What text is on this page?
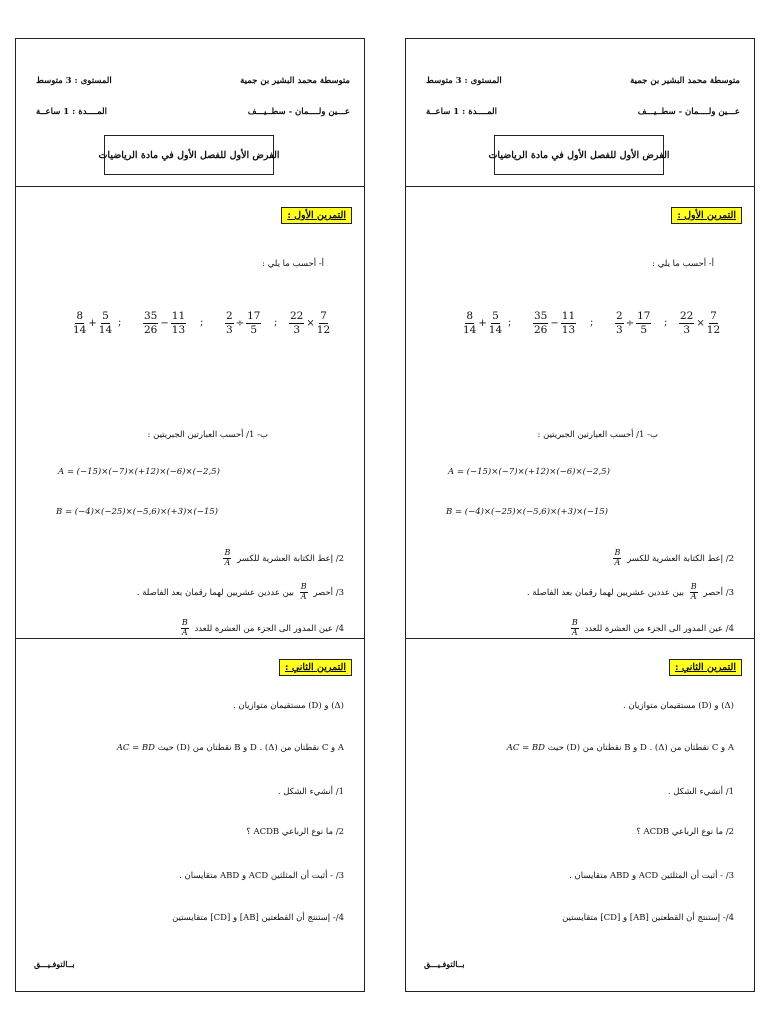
متوسطة محمد البشير بن جمية
المستوى : 3 متوسط
عـــين ولــــمان - سطــيـــف
المــــدة : 1 ساعــة
الفرض الأول للفصل الأول في مادة الرياضيات
التمرين الأول :
أ- أحسب ما يلي :
$\frac{8}{14} + \frac{5}{14}$ ; $\frac{35}{26} - \frac{11}{13}$ ; $\frac{2}{3} \div \frac{17}{5}$ ; $\frac{22}{3} \times \frac{7}{12}$
ب- 1/ أحسب العبارتين الجبريتين :
A = (−15)×(−7)×(+12)×(−6)×(−2,5)
B = (−4)×(−25)×(−5,6)×(+3)×(−15)
2/ إعط الكتابة العشرية للكسر
$\frac{B}{A}$
3/ أحصر
$\frac{B}{A}$
بين عددين عشريين لهما رقمان بعد الفاصلة .
4/ عين المدور الى الجزء من العشرة للعدد
$\frac{B}{A}$
التمرين الثاني :
(Δ) و (D) مستقيمان متوازيان .
A و C نقطتان من (Δ) . D و B نقطتان من (D) حيث AC = BD
1/ أنشيء الشكل .
2/ ما نوع الرباعي ACDB ؟
3/ - أثبت أن المثلثين ACD و ABD متقايسان .
4/- إستنتج أن القطعتين [AB] و [CD] متقايستين
بــالتوفـيـــق
متوسطة محمد البشير بن جمية
المستوى : 3 متوسط
عـــين ولــــمان - سطــيـــف
المــــدة : 1 ساعــة
الفرض الأول للفصل الأول في مادة الرياضيات
التمرين الأول :
أ- أحسب ما يلي :
$\frac{8}{14} + \frac{5}{14}$ ; $\frac{35}{26} - \frac{11}{13}$ ; $\frac{2}{3} \div \frac{17}{5}$ ; $\frac{22}{3} \times \frac{7}{12}$
ب- 1/ أحسب العبارتين الجبريتين :
A = (−15)×(−7)×(+12)×(−6)×(−2,5)
B = (−4)×(−25)×(−5,6)×(+3)×(−15)
2/ إعط الكتابة العشرية للكسر
$\frac{B}{A}$
3/ أحصر
$\frac{B}{A}$
بين عددين عشريين لهما رقمان بعد الفاصلة .
4/ عين المدور الى الجزء من العشرة للعدد
$\frac{B}{A}$
التمرين الثاني :
(Δ) و (D) مستقيمان متوازيان .
A و C نقطتان من (Δ) . D و B نقطتان من (D) حيث AC = BD
1/ أنشيء الشكل .
2/ ما نوع الرباعي ACDB ؟
3/ - أثبت أن المثلثين ACD و ABD متقايسان .
4/- إستنتج أن القطعتين [AB] و [CD] متقايستين
بــالتوفـيـــق
